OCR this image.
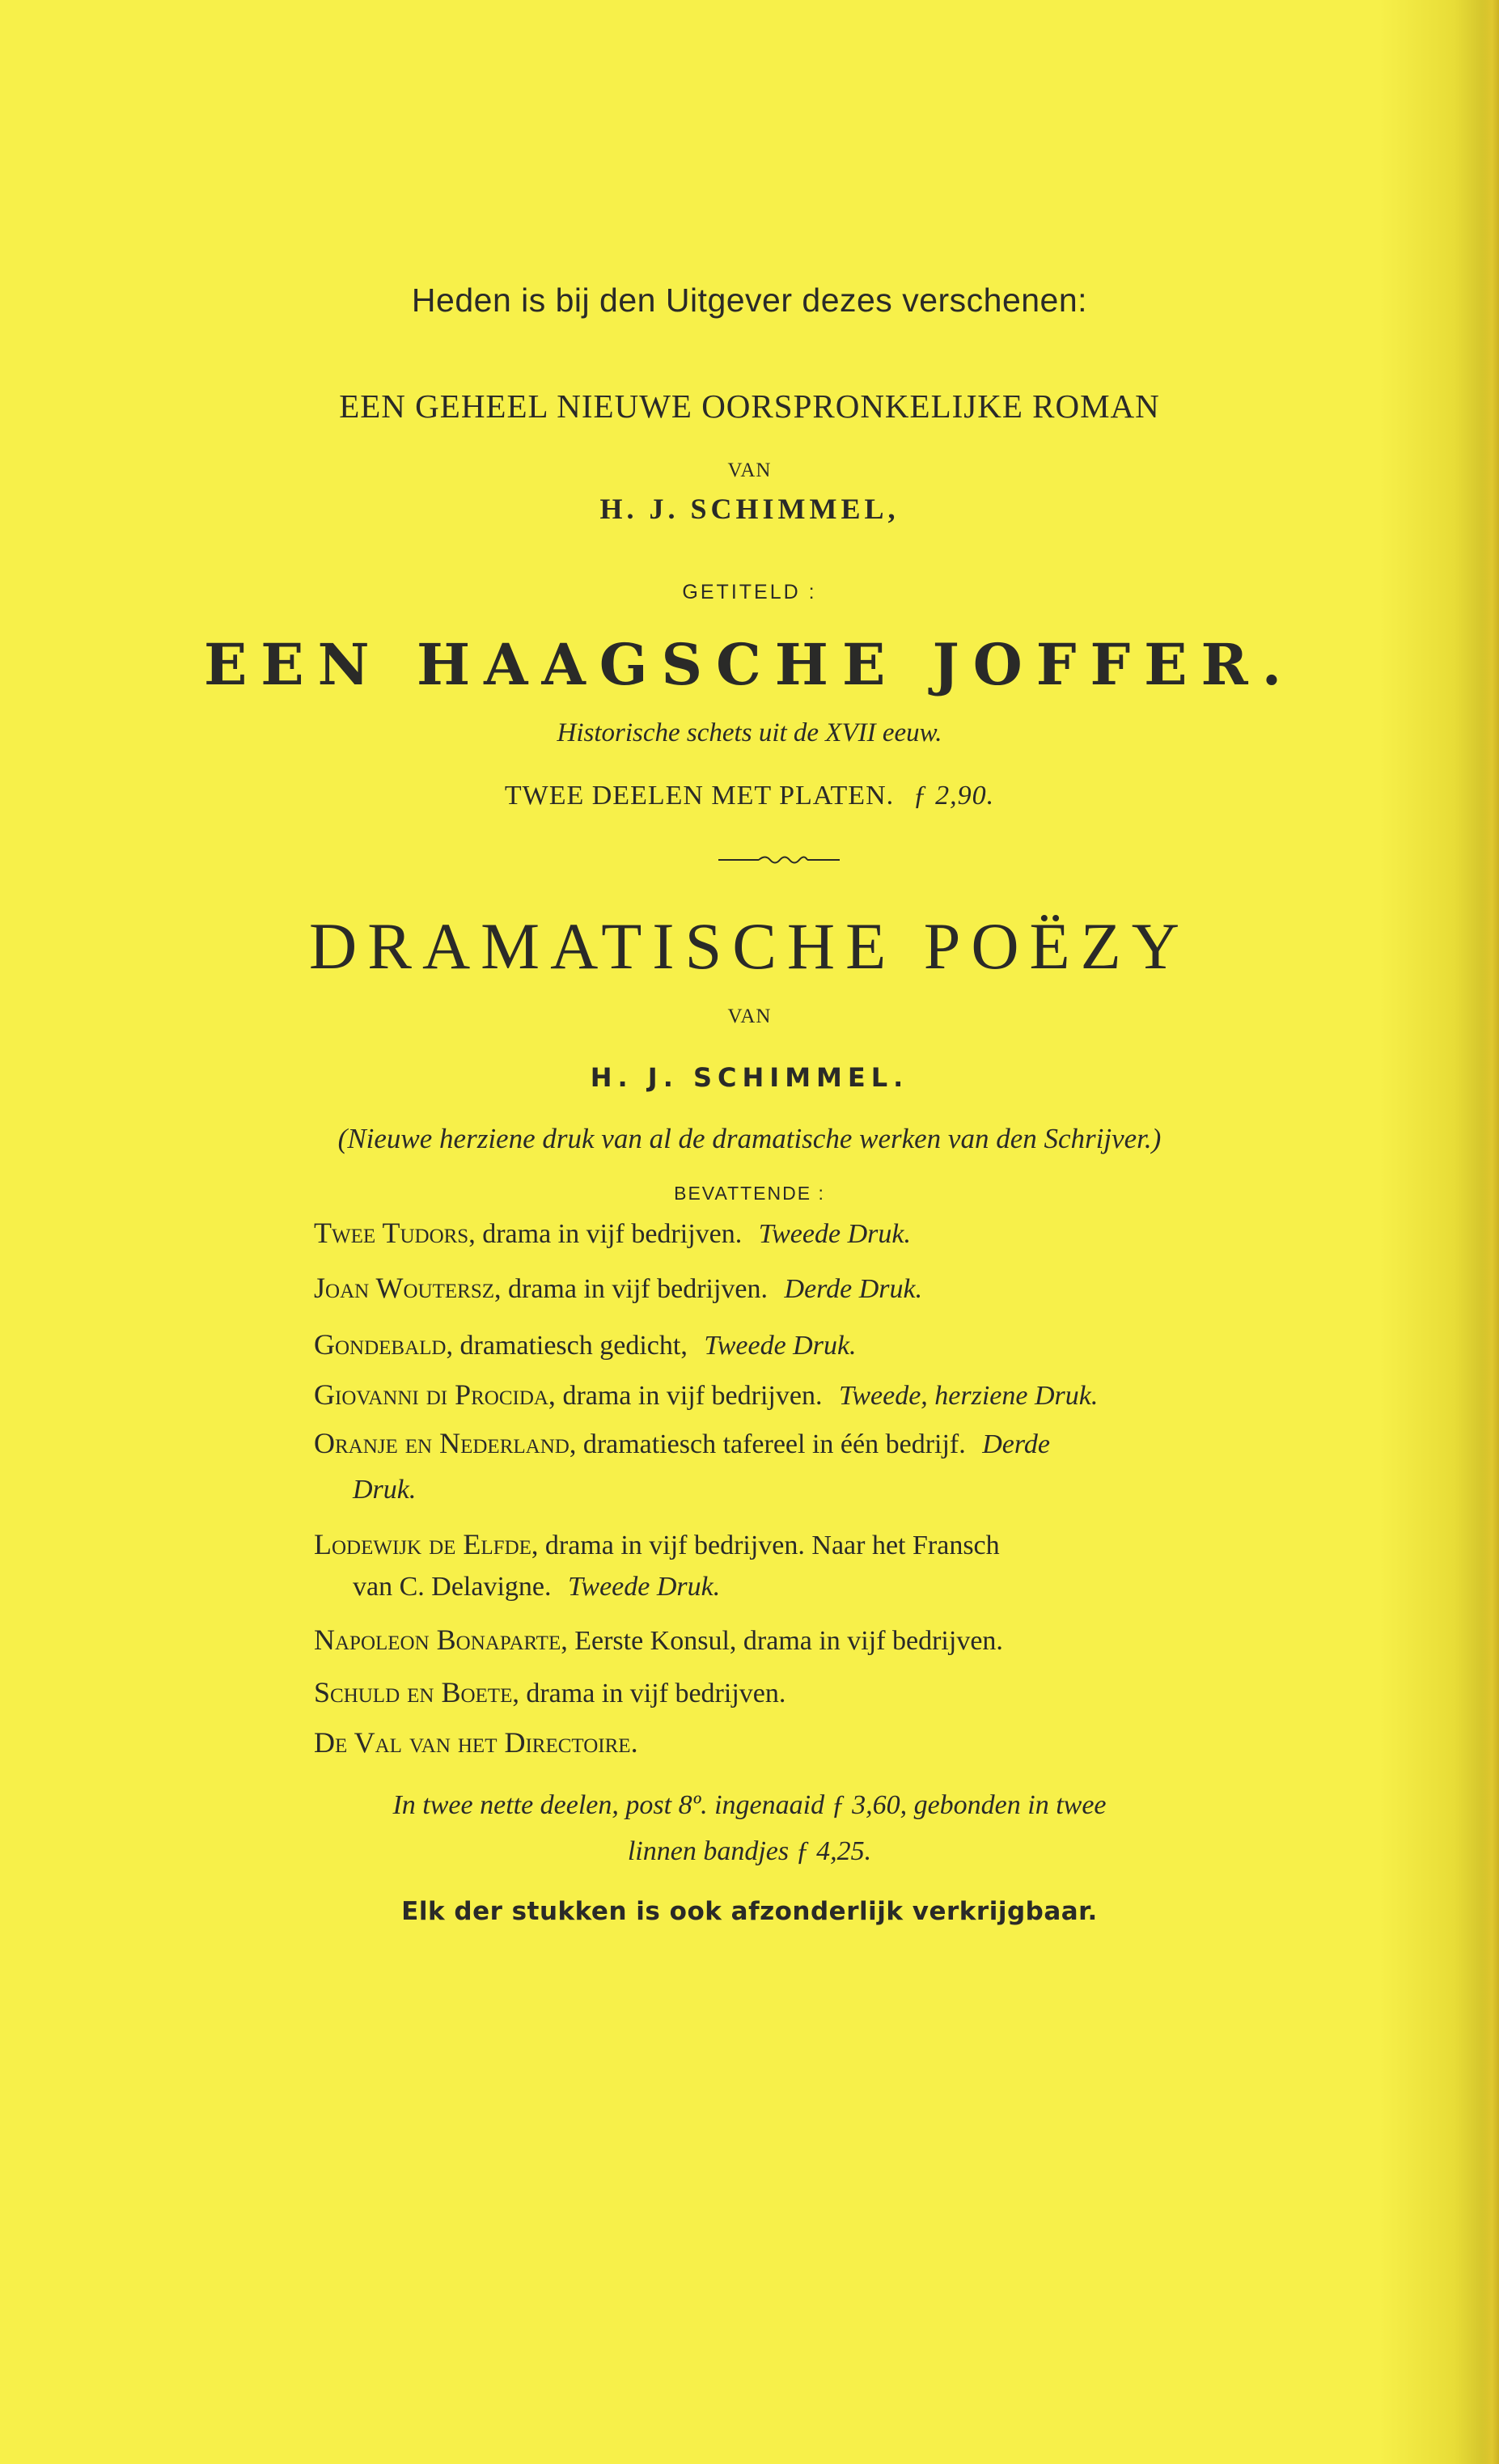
Heden is bij den Uitgever dezes verschenen:
EEN GEHEEL NIEUWE OORSPRONKELIJKE ROMAN
VAN
H. J. SCHIMMEL,
GETITELD :
EEN HAAGSCHE JOFFER.
Historische schets uit de XVII eeuw.
TWEE DEELEN MET PLATEN. ƒ 2,90.
DRAMATISCHE POËZY
VAN
H. J. SCHIMMEL.
(Nieuwe herziene druk van al de dramatische werken van den Schrijver.)
BEVATTENDE :
Twee Tudors, drama in vijf bedrijven. Tweede Druk.
Joan Woutersz, drama in vijf bedrijven. Derde Druk.
Gondebald, dramatiesch gedicht, Tweede Druk.
Giovanni di Procida, drama in vijf bedrijven. Tweede, herziene Druk.
Oranje en Nederland, dramatiesch tafereel in één bedrijf. Derde
Druk.
Lodewijk de Elfde, drama in vijf bedrijven. Naar het Fransch
van C. Delavigne. Tweede Druk.
Napoleon Bonaparte, Eerste Konsul, drama in vijf bedrijven.
Schuld en Boete, drama in vijf bedrijven.
De Val van het Directoire.
In twee nette deelen, post 8º. ingenaaid ƒ 3,60, gebonden in twee
linnen bandjes ƒ 4,25.
Elk der stukken is ook afzonderlijk verkrijgbaar.
